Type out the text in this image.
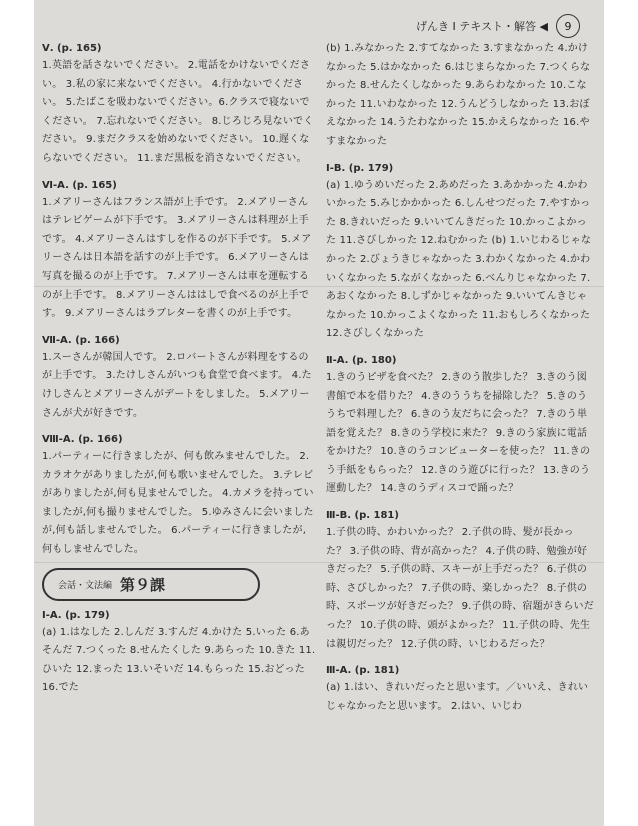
げんき I テキスト・解答 ◀	9
Ⅴ. (p. 165)
1.英語を話さないでください。 2.電話をかけないでください。 3.私の家に来ないでください。 4.行かないでください。 5.たばこを吸わないでください。6.クラスで寝ないでください。 7.忘れないでください。 8.じろじろ見ないでください。 9.まだクラスを始めないでください。 10.遅くならないでください。 11.まだ黒板を消さないでください。
Ⅵ-A. (p. 165)
1.メアリーさんはフランス語が上手です。 2.メアリーさんはテレビゲームが下手です。 3.メアリーさんは料理が上手です。 4.メアリーさんはすしを作るのが下手です。 5.メアリーさんは日本語を話すのが上手です。 6.メアリーさんは写真を撮るのが上手です。 7.メアリーさんは車を運転するのが上手です。 8.メアリーさんははしで食べるのが上手です。 9.メアリーさんはラブレターを書くのが上手です。
Ⅶ-A. (p. 166)
1.スーさんが韓国人です。 2.ロバートさんが料理をするのが上手です。 3.たけしさんがいつも食堂で食べます。 4.たけしさんとメアリーさんがデートをしました。 5.メアリーさんが犬が好きです。
Ⅷ-A. (p. 166)
1.パーティーに行きましたが、何も飲みませんでした。 2.カラオケがありましたが,何も歌いませんでした。 3.テレビがありましたが,何も見ませんでした。 4.カメラを持っていましたが,何も撮りませんでした。 5.ゆみさんに会いましたが,何も話しませんでした。 6.パーティーに行きましたが, 何もしませんでした。
会話・文法編 第９課
Ⅰ-A. (p. 179)
(a) 1.はなした 2.しんだ 3.すんだ 4.かけた 5.いった 6.あそんだ 7.つくった 8.せんたくした 9.あらった 10.きた 11.ひいた 12.まった 13.いそいだ 14.もらった 15.おどった 16.でた
(b) 1.みなかった 2.すてなかった 3.すまなかった 4.かけなかった 5.はかなかった 6.はじまらなかった 7.つくらなかった 8.せんたくしなかった 9.あらわなかった 10.こなかった 11.いわなかった 12.うんどうしなかった 13.おぼえなかった 14.うたわなかった 15.かえらなかった 16.やすまなかった
Ⅰ-B. (p. 179)
(a) 1.ゆうめいだった 2.あめだった 3.あかかった 4.かわいかった 5.みじかかかった 6.しんせつだった 7.やすかった 8.きれいだった 9.いいてんきだった 10.かっこよかった 11.さびしかった 12.ねむかった (b) 1.いじわるじゃなかった 2.びょうきじゃなかった 3.わかくなかった 4.かわいくなかった 5.ながくなかった 6.べんりじゃなかった 7.あおくなかった 8.しずかじゃなかった 9.いいてんきじゃなかった 10.かっこよくなかった 11.おもしろくなかった 12.さびしくなかった
Ⅱ-A. (p. 180)
1.きのうピザを食べた？ 2.きのう散歩した？ 3.きのう図書館で本を借りた？ 4.きのううちを掃除した？ 5.きのううちで料理した？ 6.きのう友だちに会った？ 7.きのう単語を覚えた？ 8.きのう学校に来た？ 9.きのう家族に電話をかけた？ 10.きのうコンピューターを使った？ 11.きのう手紙をもらった？ 12.きのう遊びに行った？ 13.きのう運動した？ 14.きのうディスコで踊った？
Ⅲ-B. (p. 181)
1.子供の時、かわいかった？ 2.子供の時、髪が長かった？ 3.子供の時、背が高かった？ 4.子供の時、勉強が好きだった？ 5.子供の時、スキーが上手だった？ 6.子供の時、さびしかった？ 7.子供の時、楽しかった？ 8.子供の時、スポーツが好きだった？ 9.子供の時、宿題がきらいだった？ 10.子供の時、頭がよかった？ 11.子供の時、先生は親切だった？ 12.子供の時、いじわるだった？
Ⅲ-A. (p. 181)
(a) 1.はい、きれいだったと思います。／いいえ、きれいじゃなかったと思います。 2.はい、いじわ
